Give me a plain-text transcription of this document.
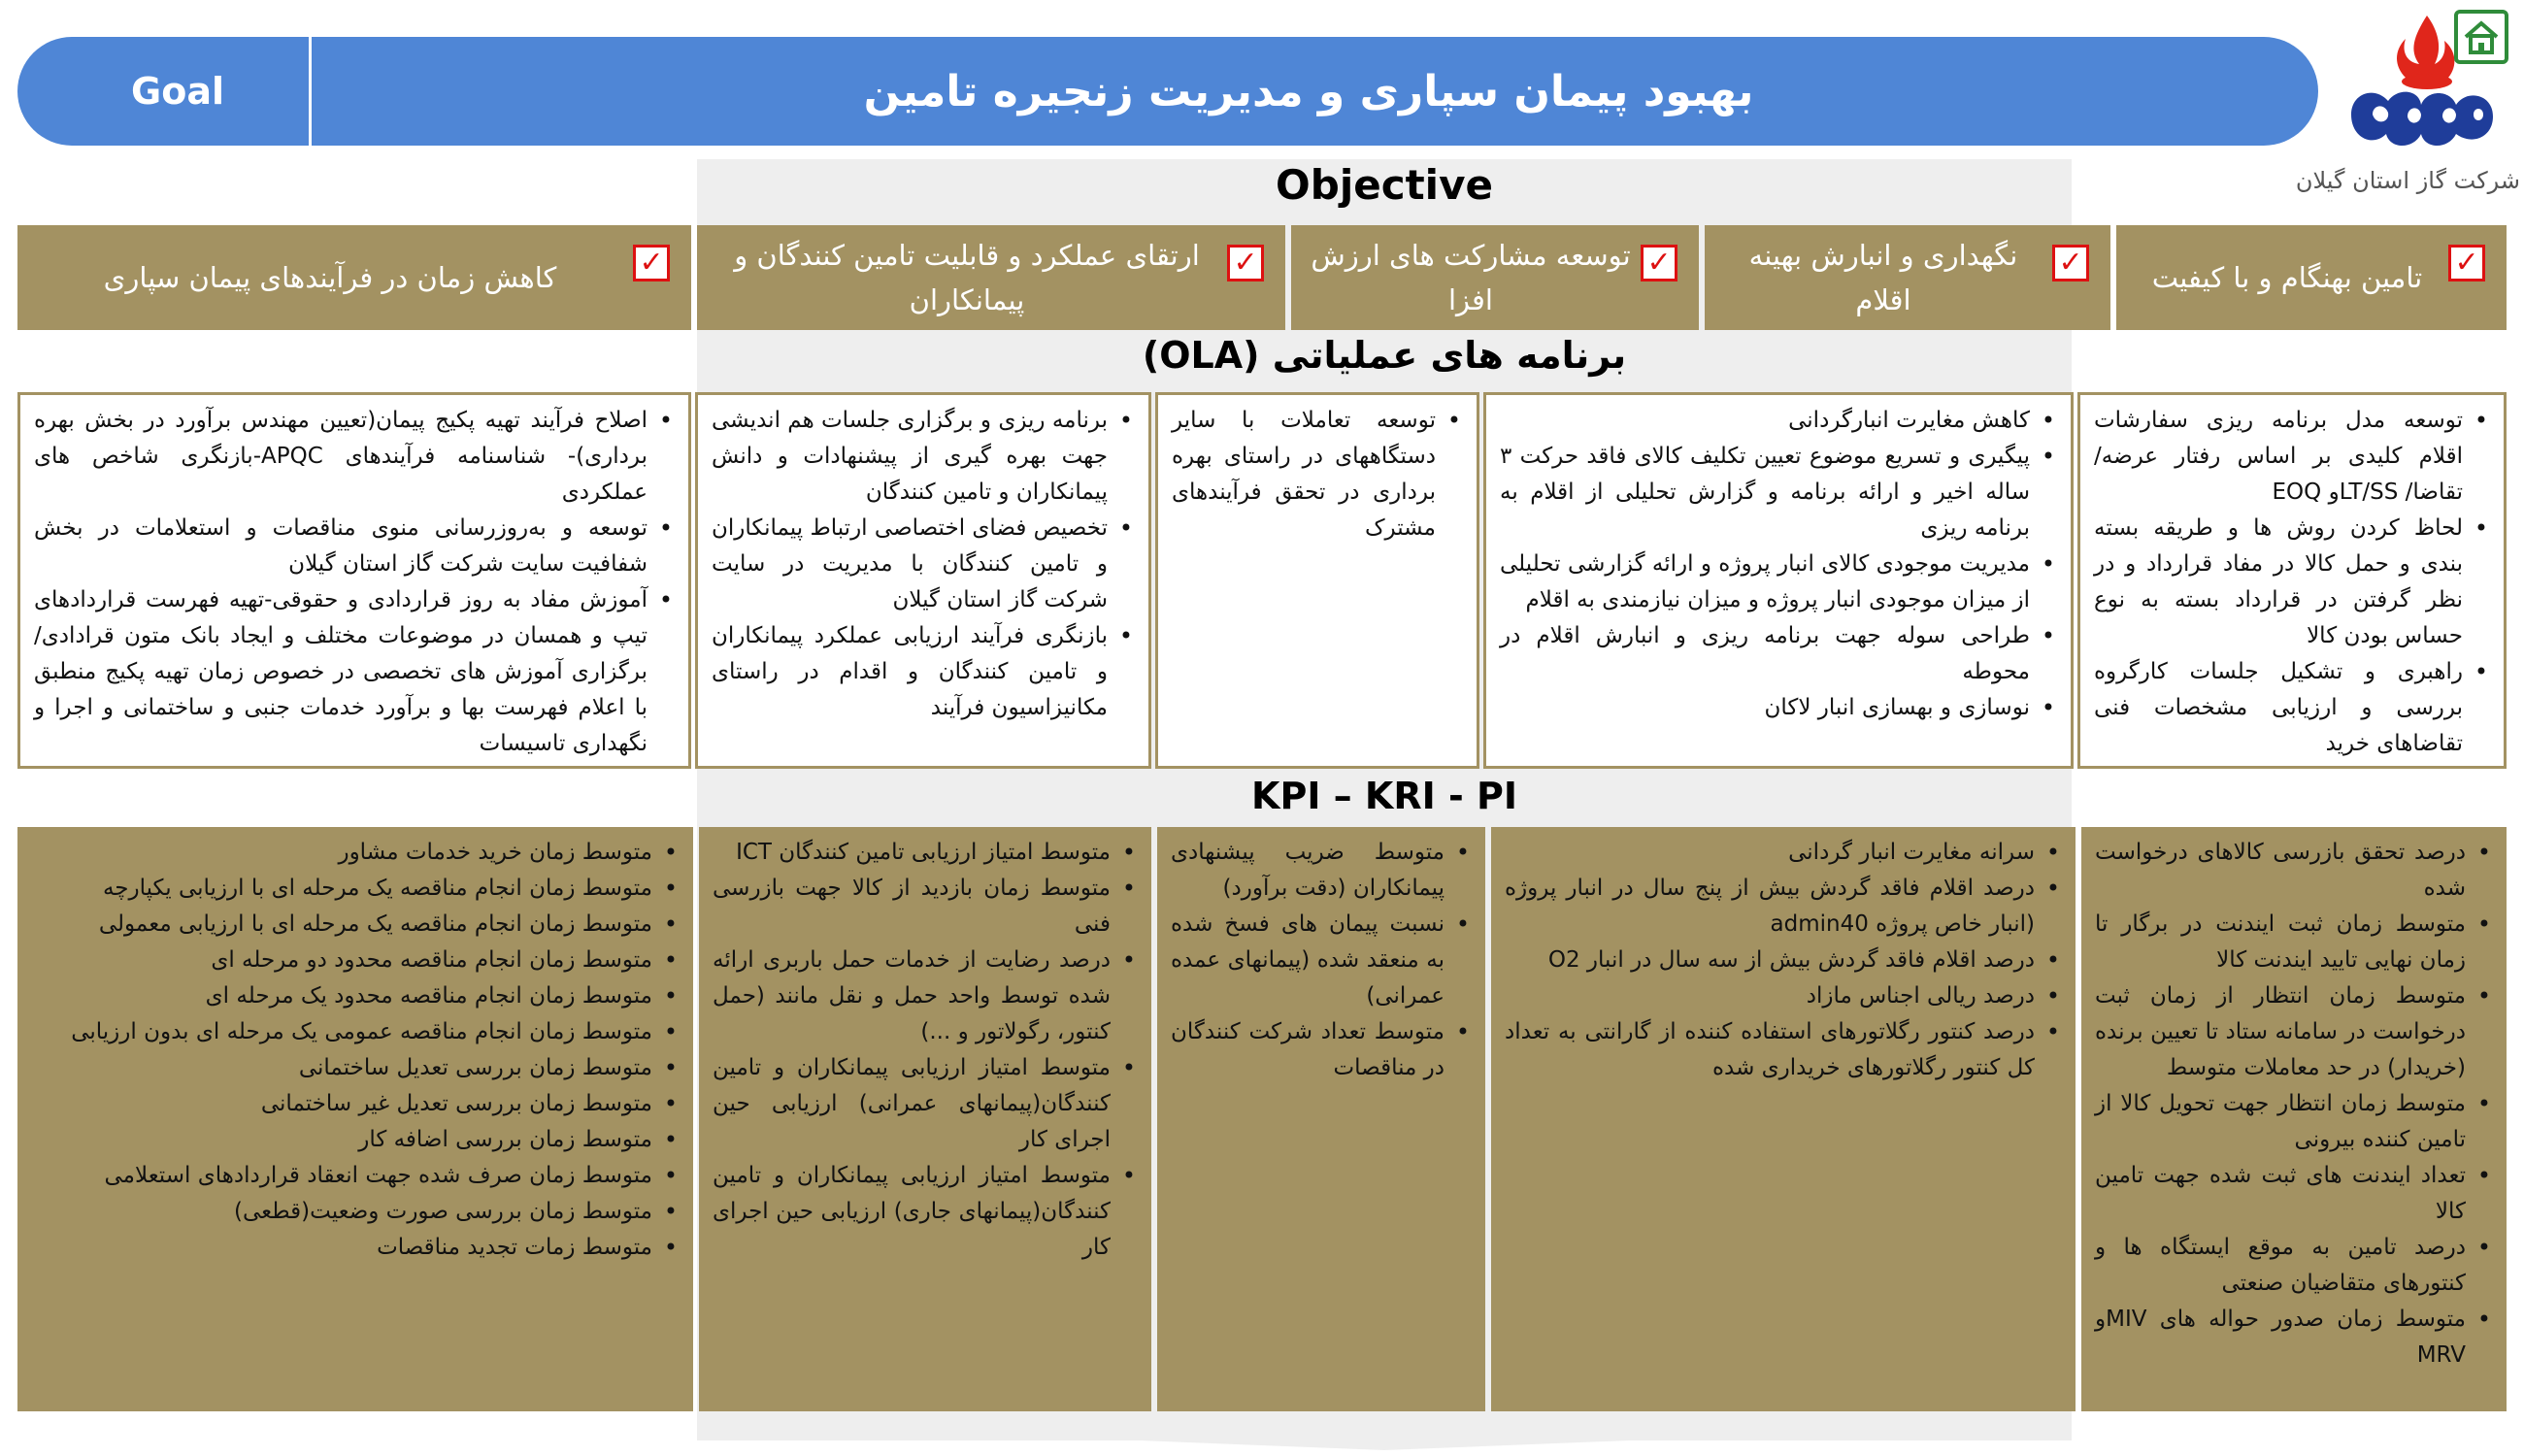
Goal	بهبود پیمان سپاری و مدیریت زنجیره تامین
شرکت گاز استان گیلان
Objective
✓
تامین بهنگام و با کیفیت
✓
نگهداری و انبارش بهینه اقلام
✓
توسعه مشارکت های ارزش افزا
✓
ارتقای عملکرد و قابلیت تامین کنندگان و پیمانکاران
✓
کاهش زمان در فرآیندهای پیمان سپاری
برنامه های عملیاتی (OLA)
• توسعه مدل برنامه ریزی سفارشات اقلام کلیدی بر اساس رفتار عرضه/تقاضا/ LT/SSو EOQ
• لحاظ کردن روش ها و طریقه بسته بندی و حمل کالا در مفاد قرارداد و در نظر گرفتن در قرارداد بسته به نوع حساس بودن کالا
• راهبری و تشکیل جلسات کارگروه بررسی و ارزیابی مشخصات فنی تقاضاهای خرید
• کاهش مغایرت انبارگردانی
• پیگیری و تسریع موضوع تعیین تکلیف کالای فاقد حرکت ۳ ساله اخیر و ارائه برنامه و گزارش تحلیلی از اقلام به برنامه ریزی
• مدیریت موجودی کالای انبار پروژه و ارائه گزارشی تحلیلی از میزان موجودی انبار پروژه و میزان نیازمندی به اقلام
• طراحی سوله جهت برنامه ریزی و انبارش اقلام در محوطه
• نوسازی و بهسازی انبار لاکان
• توسعه تعاملات با سایر دستگاههای در راستای بهره برداری در تحقق فرآیندهای مشترک
• برنامه ریزی و برگزاری جلسات هم اندیشی جهت بهره گیری از پیشنهادات و دانش پیمانکاران و تامین کنندگان
• تخصیص فضای اختصاصی ارتباط پیمانکاران و تامین کنندگان با مدیریت در سایت شرکت گاز استان گیلان
• بازنگری فرآیند ارزیابی عملکرد پیمانکاران و تامین کنندگان و اقدام در راستای مکانیزاسیون فرآیند
• اصلاح فرآیند تهیه پکیج پیمان(تعیین مهندس برآورد در بخش بهره برداری)- شناسنامه فرآیندهای APQC-بازنگری شاخص های عملکردی
• توسعه و به‌روزرسانی منوی مناقصات و استعلامات در بخش شفافیت سایت شرکت گاز استان گیلان
• آموزش مفاد به روز قراردادی و حقوقی-تهیه فهرست قراردادهای تیپ و همسان در موضوعات مختلف و ایجاد بانک متون قرادادی/ برگزاری آموزش های تخصصی در خصوص زمان تهیه پکیج منطبق با اعلام فهرست بها و برآورد خدمات جنبی و ساختمانی و اجرا و نگهداری تاسیسات
KPI – KRI - PI
• درصد تحقق بازرسی کالاهای درخواست شده
• متوسط زمان ثبت ایندنت در برگار تا زمان نهایی تایید ایندنت کالا
• متوسط زمان انتظار از زمان ثبت درخواست در سامانه ستاد تا تعیین برنده (خریدار) در حد معاملات متوسط
• متوسط زمان انتظار جهت تحویل کالا از تامین کننده بیرونی
• تعداد ایندنت های ثبت شده جهت تامین کالا
• درصد تامین به موقع ایستگاه ها و کنتورهای متقاضیان صنعتی
• متوسط زمان صدور حواله های MIVو MRV
• سرانه مغایرت انبار گردانی
• درصد اقلام فاقد گردش بیش از پنج سال در انبار پروژه (انبار خاص پروژه admin40
• درصد اقلام فاقد گردش بیش از سه سال در انبار O2
• درصد ریالی اجناس مازاد
• درصد کنتور رگلاتورهای استفاده کننده از گارانتی به تعداد کل کنتور رگلاتورهای خریداری شده
• متوسط ضریب پیشنهادی پیمانکاران (دقت برآورد)
• نسبت پیمان های فسخ شده به منعقد شده (پیمانهای عمده عمرانی)
• متوسط تعداد شرکت کنندگان در مناقصات
• متوسط امتیاز ارزیابی تامین کنندگان ICT
• متوسط زمان بازدید از کالا جهت بازرسی فنی
• درصد رضایت از خدمات حمل باربری ارائه شده توسط واحد حمل و نقل مانند (حمل کنتور، رگولاتور و ...)
• متوسط امتیاز ارزیابی پیمانکاران و تامین کنندگان(پیمانهای عمرانی) ارزیابی حین اجرای کار
• متوسط امتیاز ارزیابی پیمانکاران و تامین کنندگان(پیمانهای جاری) ارزیابی حین اجرای کار
• متوسط زمان خرید خدمات مشاور
• متوسط زمان انجام مناقصه یک مرحله ای با ارزیابی یکپارچه
• متوسط زمان انجام مناقصه یک مرحله ای با ارزیابی معمولی
• متوسط زمان انجام مناقصه محدود دو مرحله ای
• متوسط زمان انجام مناقصه محدود یک مرحله ای
• متوسط زمان انجام مناقصه عمومی یک مرحله ای بدون ارزیابی
• متوسط زمان بررسی تعدیل ساختمانی
• متوسط زمان بررسی تعدیل غیر ساختمانی
• متوسط زمان بررسی اضافه کار
• متوسط زمان صرف شده جهت انعقاد قراردادهای استعلامی
• متوسط زمان بررسی صورت وضعیت(قطعی)
• متوسط زمات تجدید مناقصات
